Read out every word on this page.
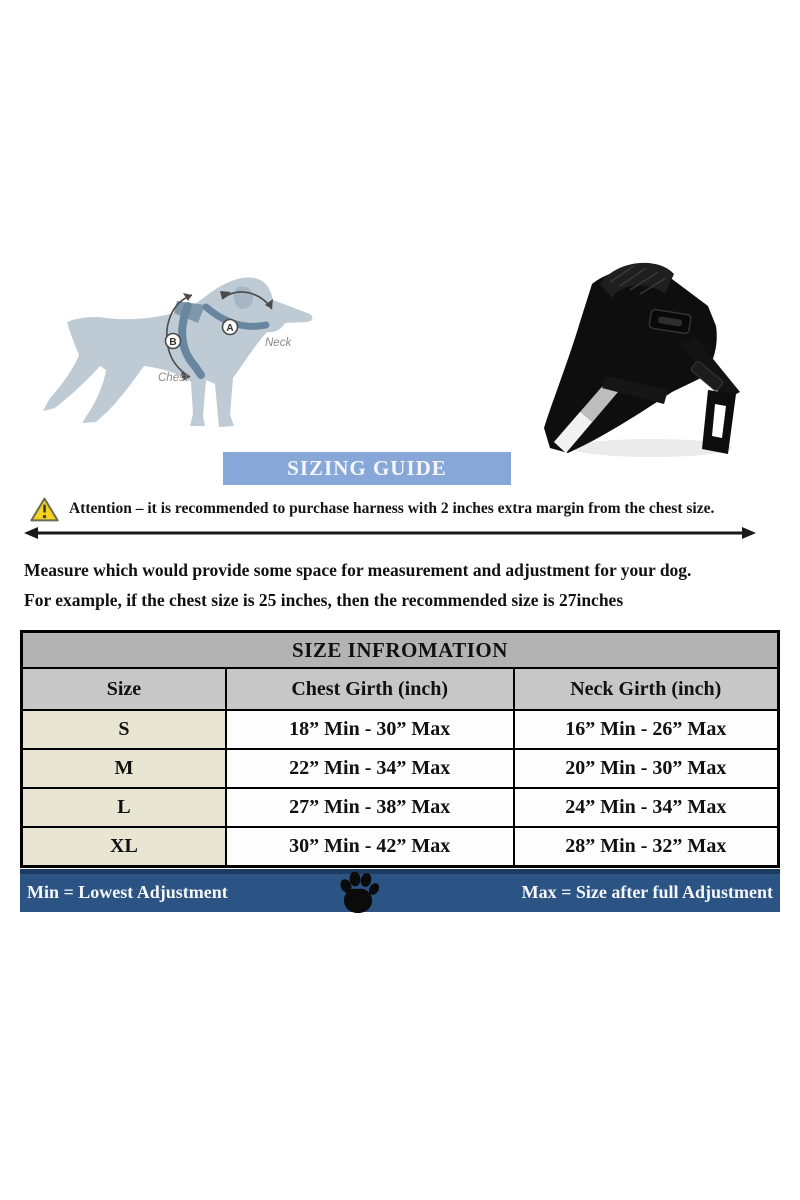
A
B	Neck
Chest
SIZING GUIDE
Attention – it is recommended to purchase harness with 2 inches extra margin from the chest size.
Measure which would provide some space for measurement and adjustment for your dog.
For example, if the chest size is 25 inches, then the recommended size is 27inches
SIZE INFROMATION		
Size	Chest Girth (inch)	Neck Girth (inch)
S	18” Min - 30” Max	16” Min - 26” Max
M	22” Min - 34” Max	20” Min - 30” Max
L	27” Min - 38” Max	24” Min - 34” Max
XL	30” Min - 42” Max	28” Min - 32” Max
Min = Lowest Adjustment	Max = Size after full Adjustment
